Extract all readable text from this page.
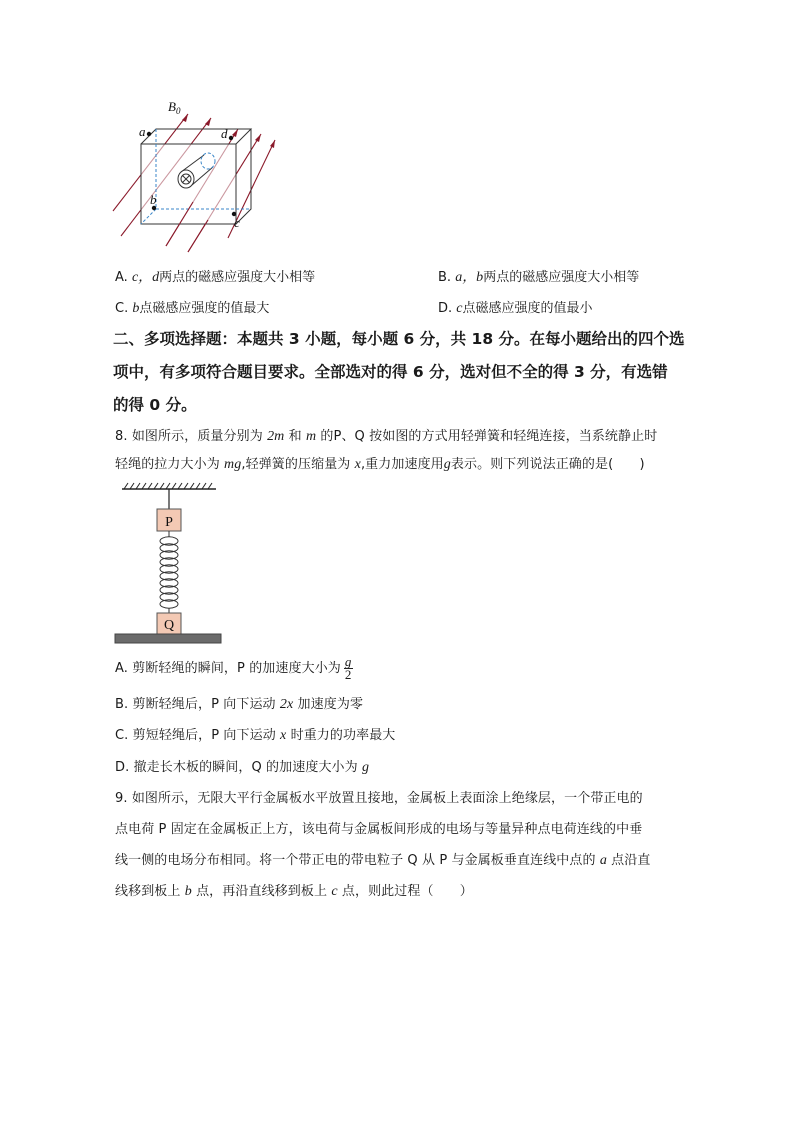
$B_0$
a	d
b
c
A. c，d两点的磁感应强度大小相等	B. a，b两点的磁感应强度大小相等
C. b点磁感应强度的值最大	D. c点磁感应强度的值最小
二、多项选择题：本题共 3 小题，每小题 6 分，共 18 分。在每小题给出的四个选
项中，有多项符合题目要求。全部选对的得 6 分，选对但不全的得 3 分，有选错
的得 0 分。
8. 如图所示，质量分别为 2m 和 m 的P、Q 按如图的方式用轻弹簧和轻绳连接，当系统静止时
轻绳的拉力大小为 mg,轻弹簧的压缩量为 x,重力加速度用g表示。则下列说法正确的是(　　)
P
Q
A. 剪断轻绳的瞬间，P 的加速度大小为 $\frac{g}{2}$
B. 剪断轻绳后，P 向下运动 2x 加速度为零
C. 剪短轻绳后，P 向下运动 x 时重力的功率最大
D. 撤走长木板的瞬间，Q 的加速度大小为 g
9. 如图所示，无限大平行金属板水平放置且接地，金属板上表面涂上绝缘层，一个带正电的
点电荷 P 固定在金属板正上方，该电荷与金属板间形成的电场与等量异种点电荷连线的中垂
线一侧的电场分布相同。将一个带正电的带电粒子 Q 从 P 与金属板垂直连线中点的 a 点沿直
线移到板上 b 点，再沿直线移到板上 c 点，则此过程（　　）
